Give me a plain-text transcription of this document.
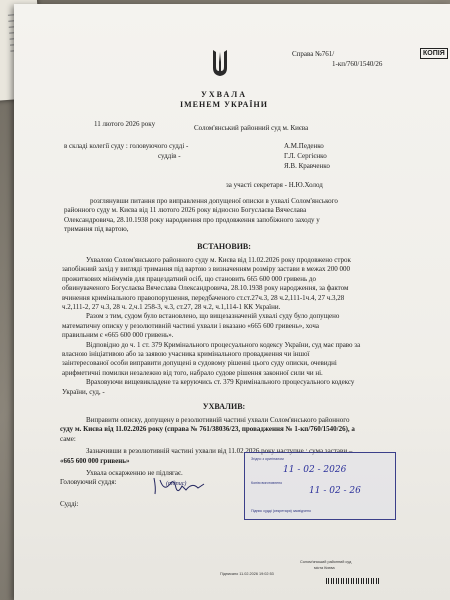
Справа №761/	КОПІЯ
1-кп/760/1540/26
УХВАЛА
ІМЕНЕМ УКРАЇНИ
11 лютого 2026 року	Солом'янський районний суд м. Києва
в складі колегії суду : головуючого судді -	А.М.Педенко
суддів -	Г.Л. Сергієнко
Я.В. Кравченко
за участі секретаря - Н.Ю.Холод

розглянувши питання про виправлення допущеної описки в ухвалі Солом'янського

районного суду м. Києва від 11 лютого 2026 року відносно Богуслаєва Вячеслава

Олександровича, 28.10.1938 року народження про продовження запобіжного заходу у

тримання під вартою,

ВСТАНОВИВ:

Ухвалою Солом'янського районного суду м. Києва від 11.02.2026 року продовжено строк

запобіжний захід у вигляді тримання під вартою з визначенням розміру застави в межах 200 000

прожиткових мінімумів для працездатний осіб, що становить 665 600 000 гривень до

обвинуваченого Богуслаєва Вячеслава Олександровича, 28.10.1938 року народження, за фактом

вчинення кримінального правопорушення, передбаченого ст.ст.27ч.3, 28 ч.2,111-1ч.4, 27 ч.3,28

ч.2,111-2, 27 ч.3, 28 ч. 2,ч.1 258-3, ч.3, ст.27, 28 ч.2, ч.1,114-1 КК України.

Разом з тим, судом було встановлено, що вищезазначеній ухвалі суду було допущено

математичну описку у резолютивній частині ухвали і вказано «665 600 гривень», хоча

правильним є «665 600 000 гривень».

Відповідно до ч. 1 ст. 379 Кримінального процесуального кодексу України, суд має право за

власною ініціативою або за заявою учасника кримінального провадження чи іншої

заінтересованої особи виправити допущені в судовому рішенні цього суду описки, очевидні

арифметичні помилки незалежно від того, набрало судове рішення законної сили чи ні.

Враховуючи вищевикладене та керуючись ст. 379 Кримінального процесуального кодексу

України, суд, -

УХВАЛИВ:

Виправити описку, допущену в резолютивній частині ухвали Солом'янського районного

суду м. Києва від 11.02.2026 року (справа № 761/38036/23, провадження № 1-кп/760/1540/26), а

саме:

Зазначивши в резолютивній частині ухвали від 11.02.2026 року наступне : сума застави –

«665 600 000 гривень»

Ухвала оскарженню не підлягає.

Головуючий суддя:

Судді:

(підпис)
Згідно з оригіналом
11 - 02 - 2026
Копію виготовлено
11 - 02 - 26
Підпис судді (секретаря) засвідчено
Солом'янський районний суд
міста Києва
Підписано 11.02.2026 19:02:53
